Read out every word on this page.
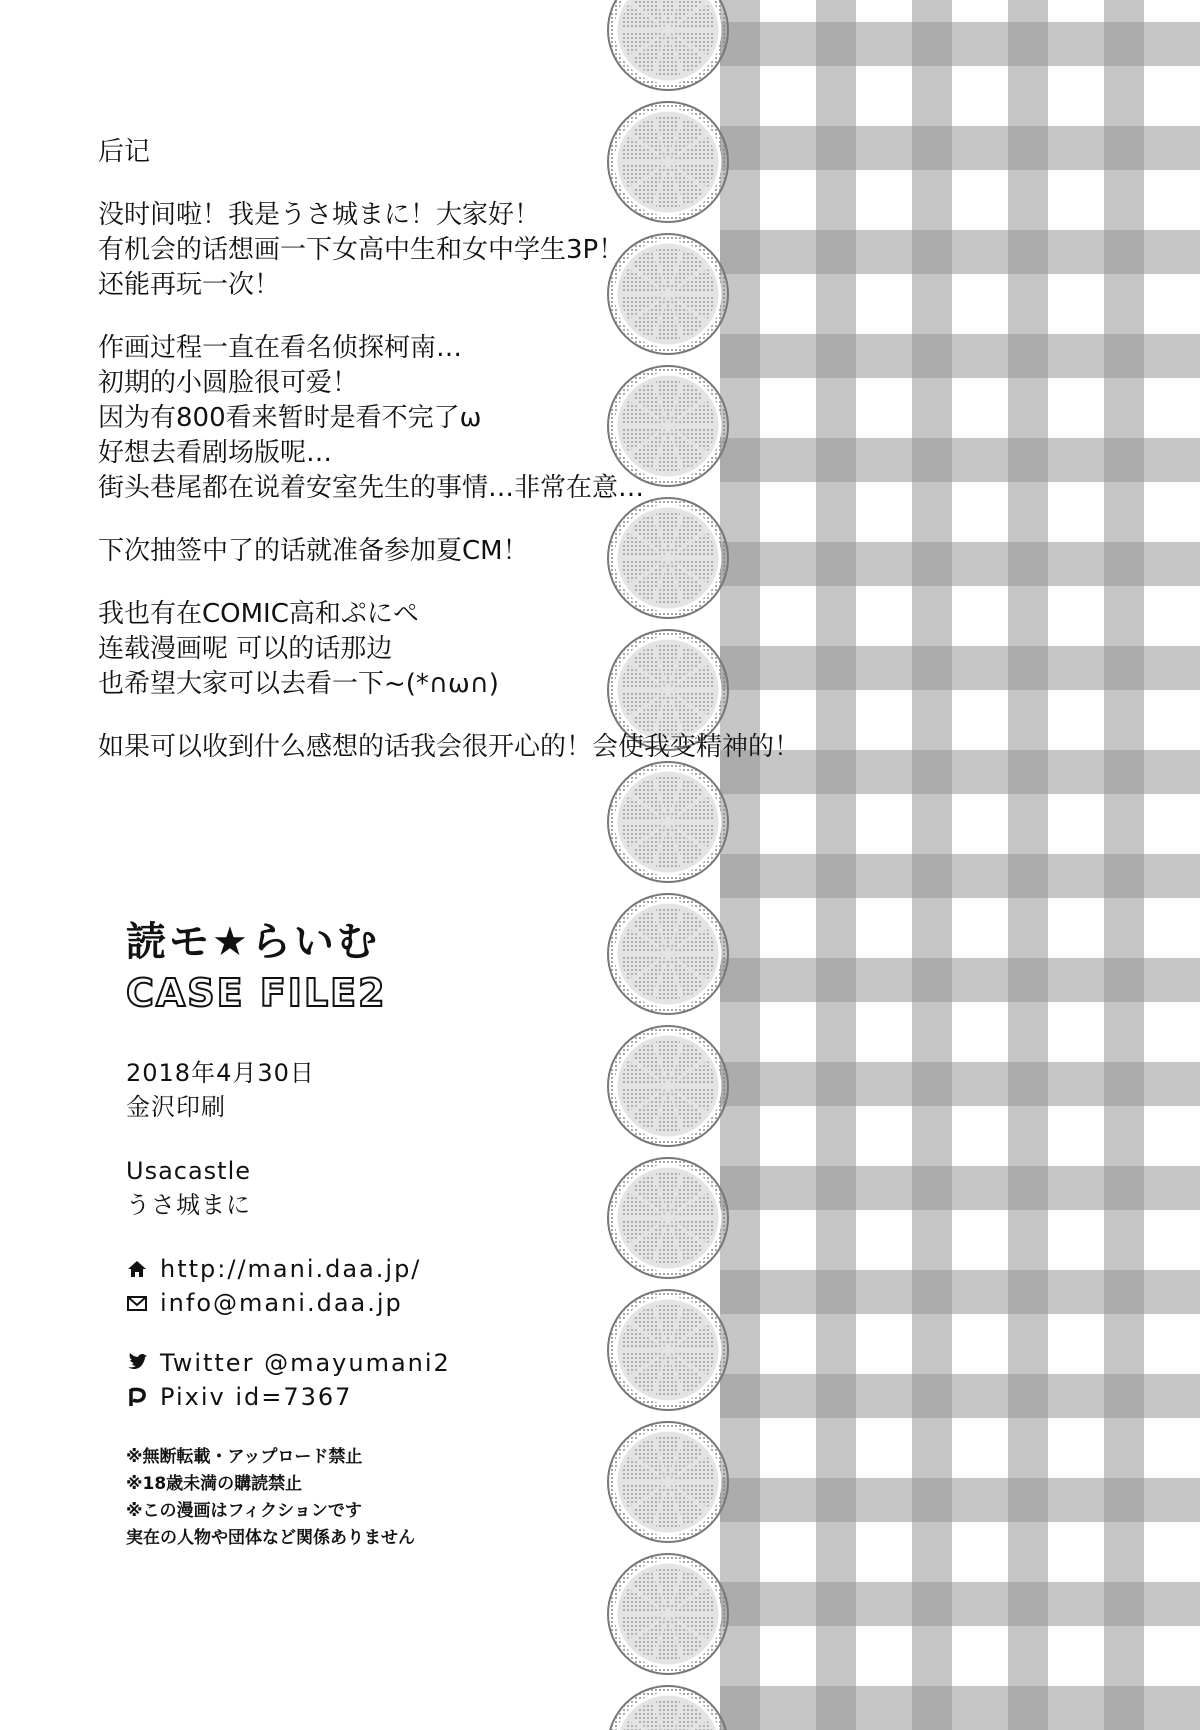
后记
没时间啦！我是うさ城まに！大家好！
有机会的话想画一下女高中生和女中学生3P！
还能再玩一次！
作画过程一直在看名侦探柯南…
初期的小圆脸很可爱！
因为有800看来暂时是看不完了ω
好想去看剧场版呢…
街头巷尾都在说着安室先生的事情…非常在意…
下次抽签中了的话就准备参加夏CM！
我也有在COMIC高和ぷにペ
连载漫画呢 可以的话那边
也希望大家可以去看一下~(*∩ω∩)
如果可以收到什么感想的话我会很开心的！会使我变精神的！
読モ★らいむ
CASE FILE2
2018年4月30日
金沢印刷
Usacastle
うさ城まに
http://mani.daa.jp/
info@mani.daa.jp
Twitter @mayumani2
Pixiv id=7367
※無断転載・アップロード禁止
※18歳未満の購読禁止
※この漫画はフィクションです
実在の人物や団体など関係ありません
